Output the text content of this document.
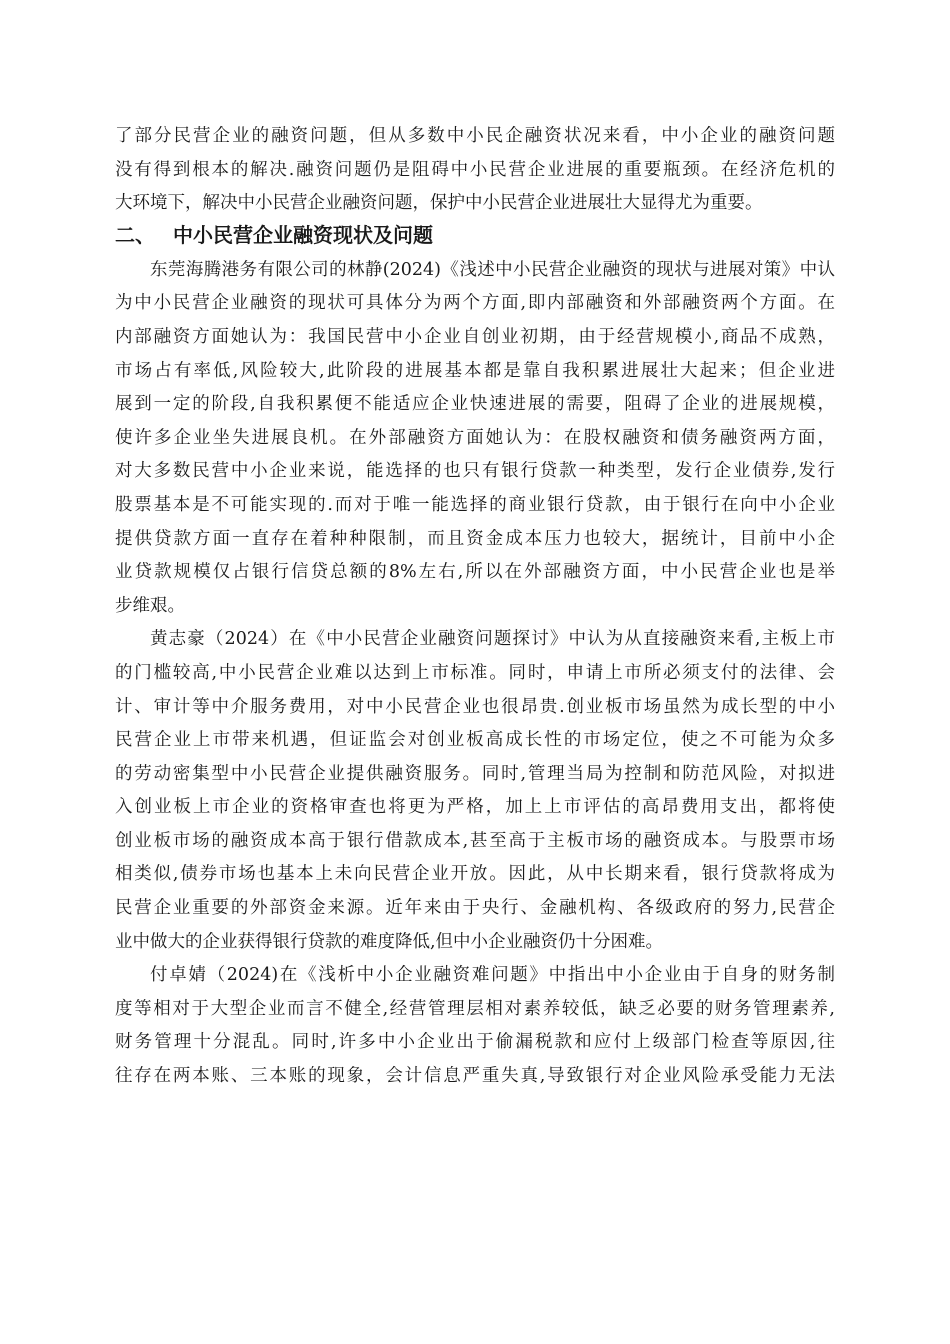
了部分民营企业的融资问题，但从多数中小民企融资状况来看，中小企业的融资问题
没有得到根本的解决.融资问题仍是阻碍中小民营企业进展的重要瓶颈。在经济危机的
大环境下，解决中小民营企业融资问题，保护中小民营企业进展壮大显得尤为重要。
二、 中小民营企业融资现状及问题
东莞海腾港务有限公司的林静(2024)《浅述中小民营企业融资的现状与进展对策》中认
为中小民营企业融资的现状可具体分为两个方面,即内部融资和外部融资两个方面。在
内部融资方面她认为：我国民营中小企业自创业初期，由于经营规模小,商品不成熟，
市场占有率低,风险较大,此阶段的进展基本都是靠自我积累进展壮大起来；但企业进
展到一定的阶段,自我积累便不能适应企业快速进展的需要，阻碍了企业的进展规模，
使许多企业坐失进展良机。在外部融资方面她认为：在股权融资和债务融资两方面，
对大多数民营中小企业来说，能选择的也只有银行贷款一种类型，发行企业债券,发行
股票基本是不可能实现的.而对于唯一能选择的商业银行贷款，由于银行在向中小企业
提供贷款方面一直存在着种种限制，而且资金成本压力也较大，据统计，目前中小企
业贷款规模仅占银行信贷总额的8%左右,所以在外部融资方面，中小民营企业也是举
步维艰。
黄志豪（2024）在《中小民营企业融资问题探讨》中认为从直接融资来看,主板上市
的门槛较高,中小民营企业难以达到上市标准。同时，申请上市所必须支付的法律、会
计、审计等中介服务费用，对中小民营企业也很昂贵.创业板市场虽然为成长型的中小
民营企业上市带来机遇，但证监会对创业板高成长性的市场定位，使之不可能为众多
的劳动密集型中小民营企业提供融资服务。同时,管理当局为控制和防范风险，对拟进
入创业板上市企业的资格审查也将更为严格，加上上市评估的高昂费用支出，都将使
创业板市场的融资成本高于银行借款成本,甚至高于主板市场的融资成本。与股票市场
相类似,债券市场也基本上未向民营企业开放。因此，从中长期来看，银行贷款将成为
民营企业重要的外部资金来源。近年来由于央行、金融机构、各级政府的努力,民营企
业中做大的企业获得银行贷款的难度降低,但中小企业融资仍十分困难。
付卓婧（2024)在《浅析中小企业融资难问题》中指出中小企业由于自身的财务制
度等相对于大型企业而言不健全,经营管理层相对素养较低，缺乏必要的财务管理素养,
财务管理十分混乱。同时,许多中小企业出于偷漏税款和应付上级部门检查等原因,往
往存在两本账、三本账的现象，会计信息严重失真,导致银行对企业风险承受能力无法
